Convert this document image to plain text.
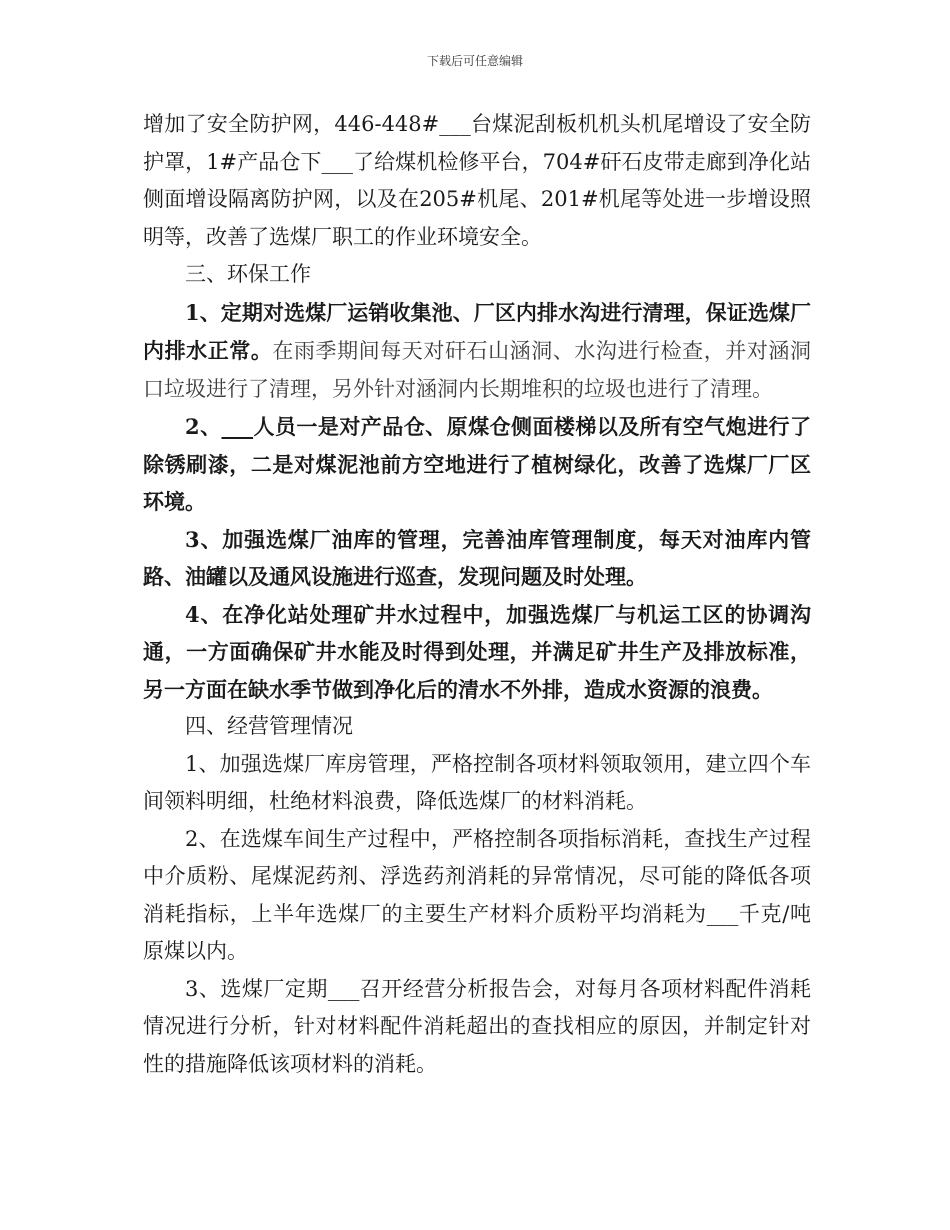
下载后可任意编辑

增加了安全防护网，446-448#___台煤泥刮板机机头机尾增设了安全防护罩，1#产品仓下___了给煤机检修平台，704#矸石皮带走廊到净化站侧面增设隔离防护网，以及在205#机尾、201#机尾等处进一步增设照明等，改善了选煤厂职工的作业环境安全。

三、环保工作

1、定期对选煤厂运销收集池、厂区内排水沟进行清理，保证选煤厂内排水正常。在雨季期间每天对矸石山涵洞、水沟进行检查，并对涵洞口垃圾进行了清理，另外针对涵洞内长期堆积的垃圾也进行了清理。

2、___人员一是对产品仓、原煤仓侧面楼梯以及所有空气炮进行了除锈刷漆，二是对煤泥池前方空地进行了植树绿化，改善了选煤厂厂区环境。

3、加强选煤厂油库的管理，完善油库管理制度，每天对油库内管路、油罐以及通风设施进行巡查，发现问题及时处理。

4、在净化站处理矿井水过程中，加强选煤厂与机运工区的协调沟通，一方面确保矿井水能及时得到处理，并满足矿井生产及排放标准，另一方面在缺水季节做到净化后的清水不外排，造成水资源的浪费。

四、经营管理情况

1、加强选煤厂库房管理，严格控制各项材料领取领用，建立四个车间领料明细，杜绝材料浪费，降低选煤厂的材料消耗。

2、在选煤车间生产过程中，严格控制各项指标消耗，查找生产过程中介质粉、尾煤泥药剂、浮选药剂消耗的异常情况，尽可能的降低各项消耗指标，上半年选煤厂的主要生产材料介质粉平均消耗为___千克/吨原煤以内。

3、选煤厂定期___召开经营分析报告会，对每月各项材料配件消耗情况进行分析，针对材料配件消耗超出的查找相应的原因，并制定针对性的措施降低该项材料的消耗。
